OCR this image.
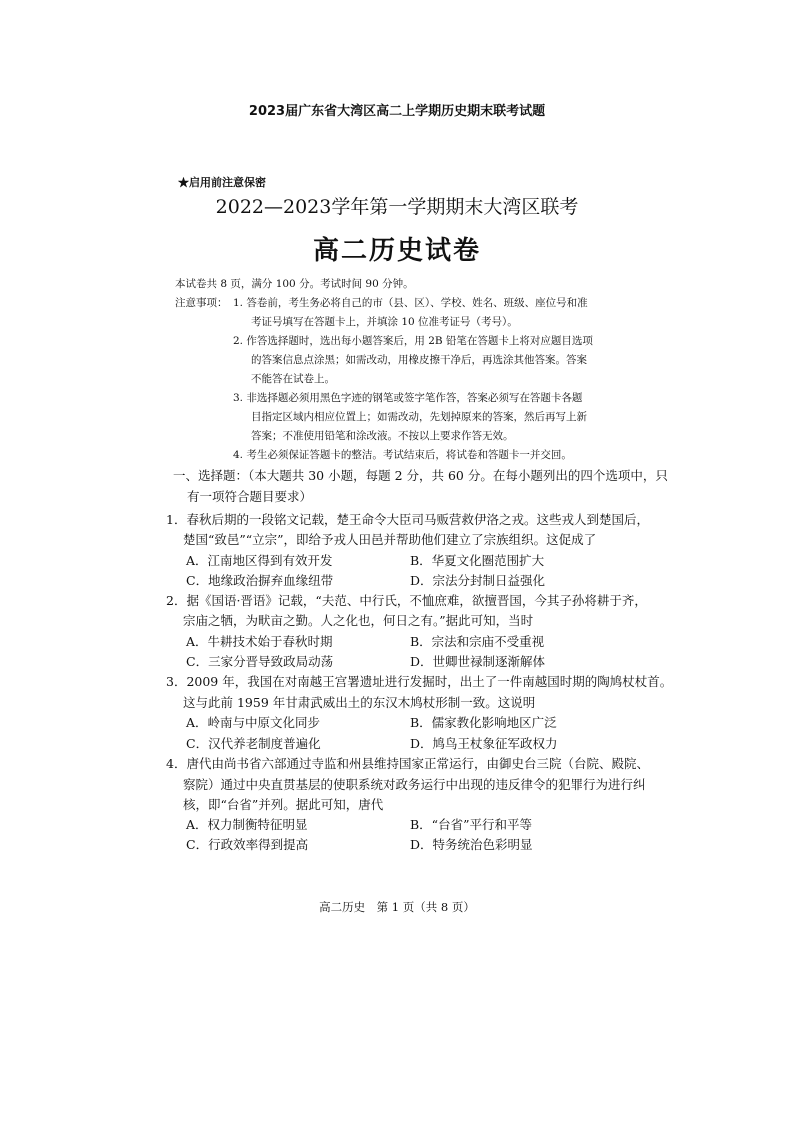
2023届广东省大湾区高二上学期历史期末联考试题
★启用前注意保密
2022—2023学年第一学期期末大湾区联考
高二历史试卷
本试卷共 8 页，满分 100 分。考试时间 90 分钟。
注意事项： 1. 答卷前，考生务必将自己的市（县、区）、学校、姓名、班级、座位号和准
考证号填写在答题卡上，并填涂 10 位准考证号（考号）。
2. 作答选择题时，选出每小题答案后，用 2B 铅笔在答题卡上将对应题目选项
的答案信息点涂黑；如需改动，用橡皮擦干净后，再选涂其他答案。答案
不能答在试卷上。
3. 非选择题必须用黑色字迹的钢笔或签字笔作答，答案必须写在答题卡各题
目指定区域内相应位置上；如需改动，先划掉原来的答案，然后再写上新
答案；不准使用铅笔和涂改液。不按以上要求作答无效。
4. 考生必须保证答题卡的整洁。考试结束后，将试卷和答题卡一并交回。
一、选择题：（本大题共 30 小题，每题 2 分，共 60 分。在每小题列出的四个选项中，只
有一项符合题目要求）
1．春秋后期的一段铭文记载，楚王命令大臣司马贩营救伊洛之戎。这些戎人到楚国后，
楚国“致邑”“立宗”，即给予戎人田邑并帮助他们建立了宗族组织。这促成了
A．江南地区得到有效开发	B．华夏文化圈范围扩大
C．地缘政治摒弃血缘纽带	D．宗法分封制日益强化
2．据《国语·晋语》记载，“夫范、中行氏，不恤庶难，欲擅晋国，今其子孙将耕于齐，
宗庙之牺，为畎亩之勤。人之化也，何日之有。”据此可知，当时
A．牛耕技术始于春秋时期	B．宗法和宗庙不受重视
C．三家分晋导致政局动荡	D．世卿世禄制逐渐解体
3．2009 年，我国在对南越王宫署遗址进行发掘时，出土了一件南越国时期的陶鸠杖杖首。
这与此前 1959 年甘肃武威出土的东汉木鸠杖形制一致。这说明
A．岭南与中原文化同步	B．儒家教化影响地区广泛
C．汉代养老制度普遍化	D．鸠鸟王杖象征军政权力
4．唐代由尚书省六部通过寺监和州县维持国家正常运行，由御史台三院（台院、殿院、
察院）通过中央直贯基层的使职系统对政务运行中出现的违反律令的犯罪行为进行纠
核，即“台省”并列。据此可知，唐代
A．权力制衡特征明显	B．“台省”平行和平等
C．行政效率得到提高	D．特务统治色彩明显
高二历史　第 1 页（共 8 页）
